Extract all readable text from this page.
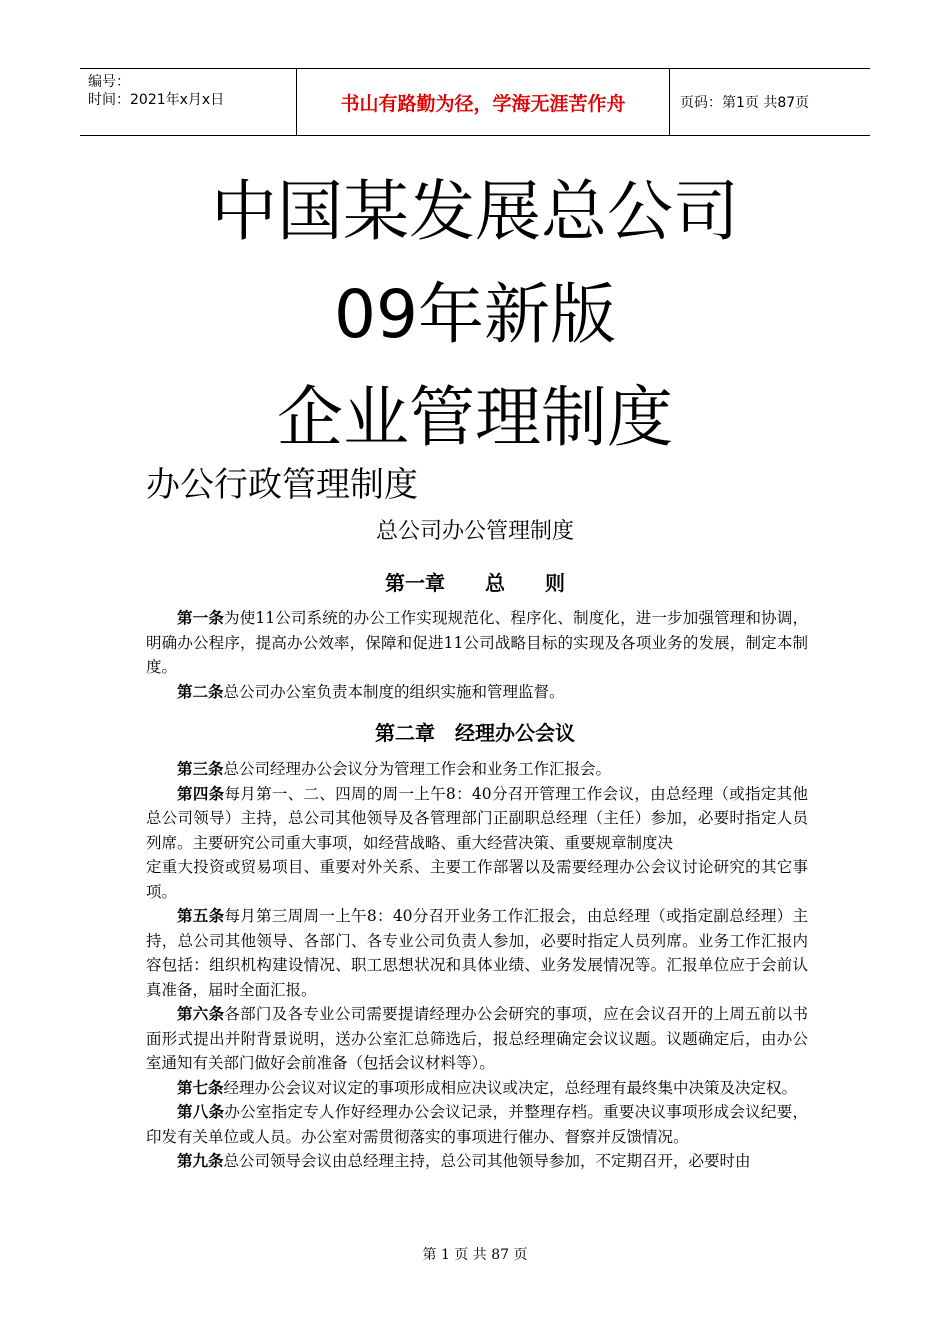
编号：
时间：2021年x月x日	书山有路勤为径，学海无涯苦作舟	页码：第1页 共87页
中国某发展总公司
09年新版
企业管理制度
办公行政管理制度
总公司办公管理制度
第一章　　总　　则

第一条为使11公司系统的办公工作实现规范化、程序化、制度化，进一步加强管理和协调，明确办公程序，提高办公效率，保障和促进11公司战略目标的实现及各项业务的发展，制定本制度。

第二条总公司办公室负责本制度的组织实施和管理监督。

第二章　经理办公会议

第三条总公司经理办公会议分为管理工作会和业务工作汇报会。

第四条每月第一、二、四周的周一上午8：40分召开管理工作会议，由总经理（或指定其他总公司领导）主持，总公司其他领导及各管理部门正副职总经理（主任）参加，必要时指定人员列席。主要研究公司重大事项，如经营战略、重大经营决策、重要规章制度决

定重大投资或贸易项目、重要对外关系、主要工作部署以及需要经理办公会议讨论研究的其它事项。

第五条每月第三周周一上午8：40分召开业务工作汇报会，由总经理（或指定副总经理）主持，总公司其他领导、各部门、各专业公司负责人参加，必要时指定人员列席。业务工作汇报内容包括：组织机构建设情况、职工思想状况和具体业绩、业务发展情况等。汇报单位应于会前认真准备，届时全面汇报。

第六条各部门及各专业公司需要提请经理办公会研究的事项，应在会议召开的上周五前以书面形式提出并附背景说明，送办公室汇总筛选后，报总经理确定会议议题。议题确定后，由办公室通知有关部门做好会前准备（包括会议材料等）。

第七条经理办公会议对议定的事项形成相应决议或决定，总经理有最终集中决策及决定权。

第八条办公室指定专人作好经理办公会议记录，并整理存档。重要决议事项形成会议纪要，印发有关单位或人员。办公室对需贯彻落实的事项进行催办、督察并反馈情况。

第九条总公司领导会议由总经理主持，总公司其他领导参加，不定期召开，必要时由

第 1 页 共 87 页
